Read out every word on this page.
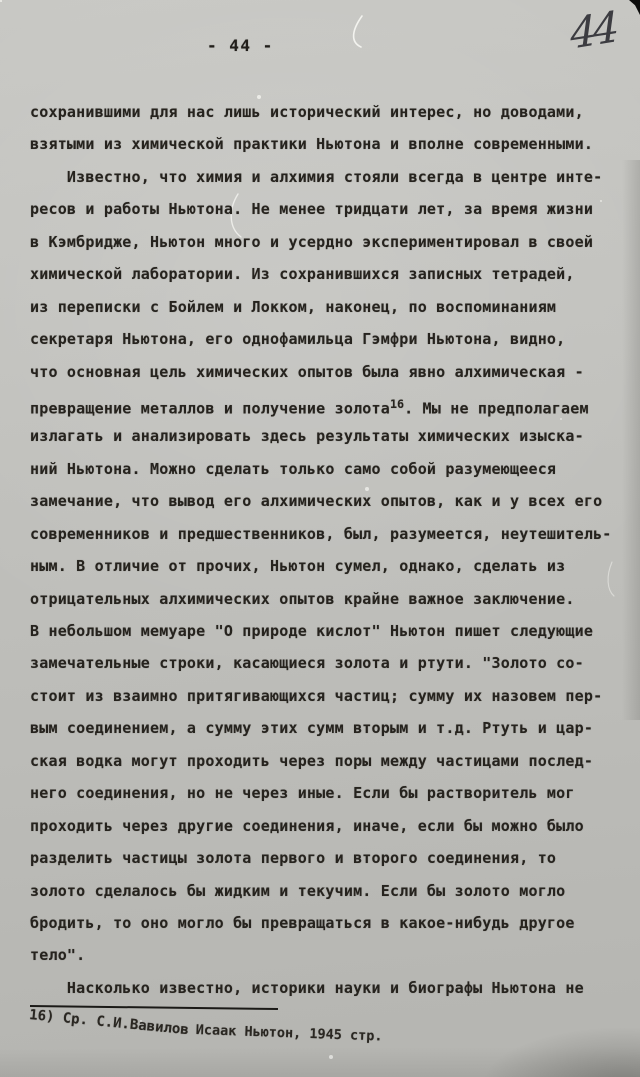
- 44 -	44
сохранившими для нас лишь исторический интерес, но доводами,
взятыми из химической практики Ньютона и вполне современными.
Известно, что химия и алхимия стояли всегда в центре инте-
ресов и работы Ньютона. Не менее тридцати лет, за время жизни
в Кэмбридже, Ньютон много и усердно экспериментировал в своей
химической лаборатории. Из сохранившихся записных тетрадей,
из переписки с Бойлем и Локком, наконец, по воспоминаниям
секретаря Ньютона, его однофамильца Гэмфри Ньютона, видно,
что основная цель химических опытов была явно алхимическая -
превращение металлов и получение золота$^{16}$. Мы не предполагаем
излагать и анализировать здесь результаты химических изыска-
ний Ньютона. Можно сделать только само собой разумеющееся
замечание, что вывод его алхимических опытов, как и у всех его
современников и предшественников, был, разумеется, неутешитель-
ным. В отличие от прочих, Ньютон сумел, однако, сделать из
отрицательных алхимических опытов крайне важное заключение.
В небольшом мемуаре "О природе кислот" Ньютон пишет следующие
замечательные строки, касающиеся золота и ртути. "Золото со-
стоит из взаимно притягивающихся частиц; сумму их назовем пер-
вым соединением, а сумму этих сумм вторым и т.д. Ртуть и цар-
ская водка могут проходить через поры между частицами послед-
него соединения, но не через иные. Если бы растворитель мог
проходить через другие соединения, иначе, если бы можно было
разделить частицы золота первого и второго соединения, то
золото сделалось бы жидким и текучим. Если бы золото могло
бродить, то оно могло бы превращаться в какое-нибудь другое
тело".
Насколько известно, историки науки и биографы Ньютона не
16) Ср. С.И.Вавилов Исаак Ньютон, 1945 стр.
